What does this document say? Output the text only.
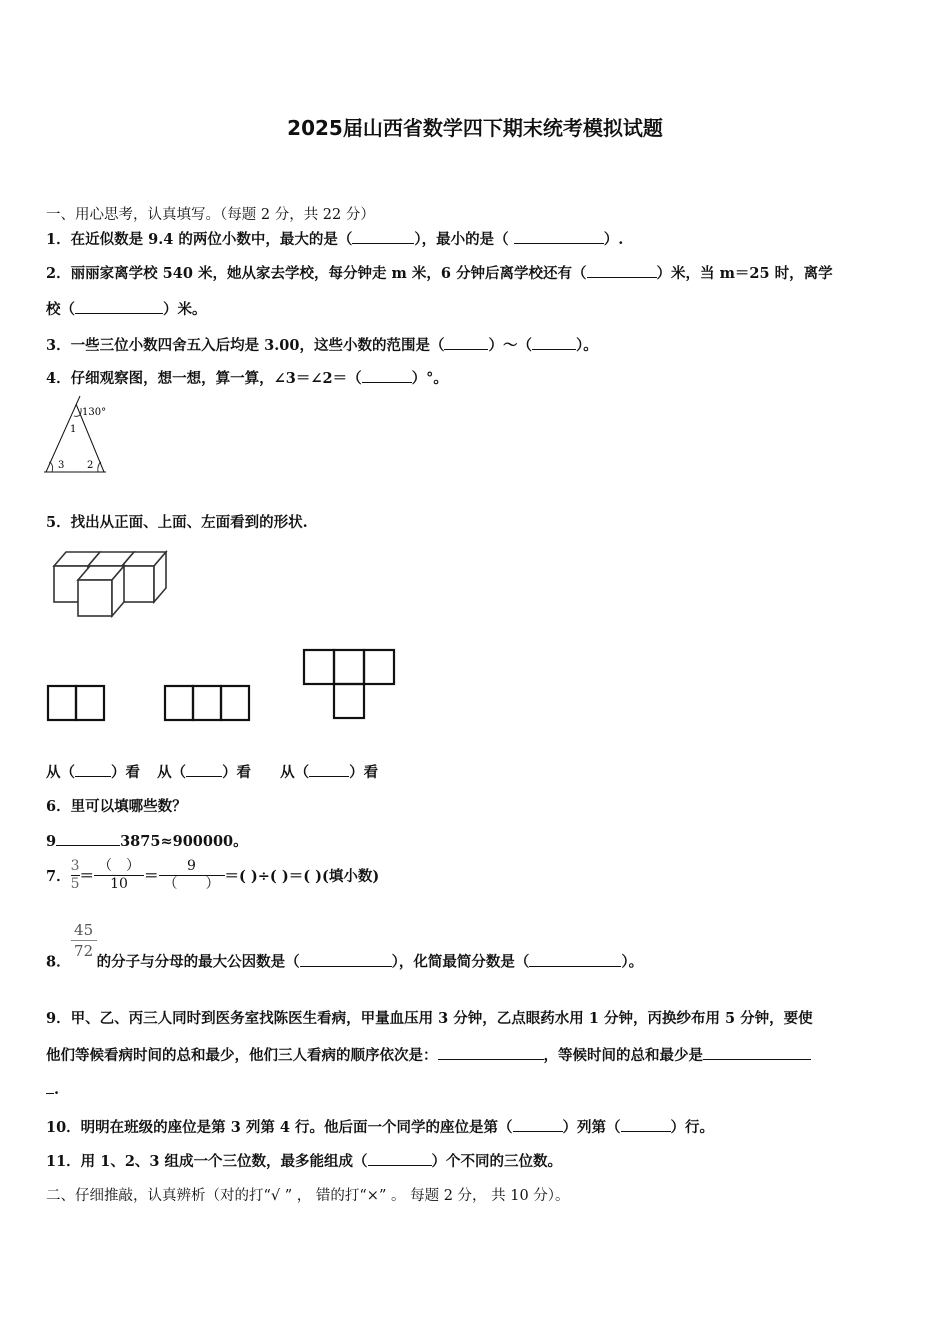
2025届山西省数学四下期末统考模拟试题
一、用心思考，认真填写。（每题 2 分，共 22 分）
1．在近似数是 9.4 的两位小数中，最大的是（	），最小的是（	）.
2．丽丽家离学校 540 米，她从家去学校，每分钟走 m 米，6 分钟后离学校还有（	）米，当 m＝25 时，离学
校（	）米。
3．一些三位小数四舍五入后均是 3.00，这些小数的范围是（	）～（	）。
4．仔细观察图，想一想，算一算，∠3＝∠2＝（	）°。
130°
1
3 2
5．找出从正面、上面、左面看到的形状.
从（ ）看 从（ ）看 从（	）看
6．里可以填哪些数？
9	3875≈900000。
7． $\frac{3}{5} = \frac{( )}{10} = \frac{9}{( )}$ ＝( )÷( )＝( )(填小数)
8．
$\frac{45}{72}$
的分子与分母的最大公因数是（	），化简最简分数是（	）。
9．甲、乙、丙三人同时到医务室找陈医生看病，甲量血压用 3 分钟，乙点眼药水用 1 分钟，丙换纱布用 5 分钟，要使
他们等候看病时间的总和最少，他们三人看病的顺序依次是：	，等候时间的总和最少是
.
10．明明在班级的座位是第 3 列第 4 行。他后面一个同学的座位是第（	）列第（	）行。
11．用 1、2、3 组成一个三位数，最多能组成（	）个不同的三位数。
二、仔细推敲，认真辨析（对的打“√ ” ， 错的打“×” 。 每题 2 分， 共 10 分）。
